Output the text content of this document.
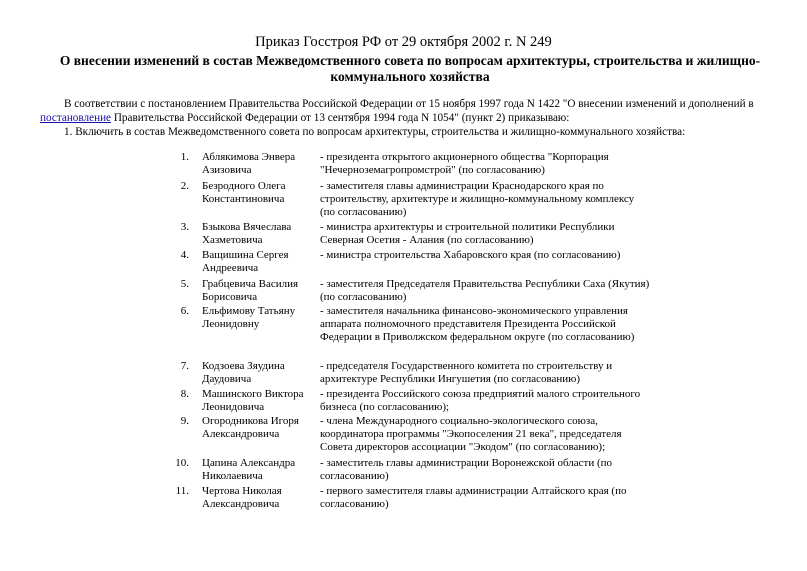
Приказ Госстроя РФ от 29 октября 2002 г. N 249
О внесении изменений в состав Межведомственного совета по вопросам архитектуры, строительства и жилищно-коммунального хозяйства
В соответствии с постановлением Правительства Российской Федерации от 15 ноября 1997 года N 1422 "О внесении изменений и дополнений в
постановление Правительства Российской Федерации от 13 сентября 1994 года N 1054" (пункт 2) приказываю:
1. Включить в состав Межведомственного совета по вопросам архитектуры, строительства и жилищно-коммунального хозяйства:
1. Аблякимова Энвера Азизовича
- президента открытого акционерного общества "Корпорация "Нечерноземагропромстрой" (по согласованию)
2. Безродного Олега Константиновича
- заместителя главы администрации Краснодарского края по строительству, архитектуре и жилищно-коммунальному комплексу (по согласованию)
3. Бзыкова Вячеслава Хазметовича
- министра архитектуры и строительной политики Республики Северная Осетия - Алания (по согласованию)
4. Ващишина Сергея Андреевича
- министра строительства Хабаровского края (по согласованию)
5. Грабцевича Василия Борисовича
- заместителя Председателя Правительства Республики Саха (Якутия) (по согласованию)
6. Ельфимову Татьяну Леонидовну
- заместителя начальника финансово-экономического управления аппарата полномочного представителя Президента Российской Федерации в Приволжском федеральном округе (по согласованию)
7. Кодзоева Зяудина Даудовича
- председателя Государственного комитета по строительству и архитектуре Республики Ингушетия (по согласованию)
8. Машинского Виктора Леонидовича
- президента Российского союза предприятий малого строительного бизнеса (по согласованию);
9. Огородникова Игоря Александровича
- члена Международного социально-экологического союза, координатора программы "Экопоселения 21 века", председателя Совета директоров ассоциации "Экодом" (по согласованию);
10. Цапина Александра Николаевича
- заместитель главы администрации Воронежской области (по согласованию)
11. Чертова Николая Александровича
- первого заместителя главы администрации Алтайского края (по согласованию)
